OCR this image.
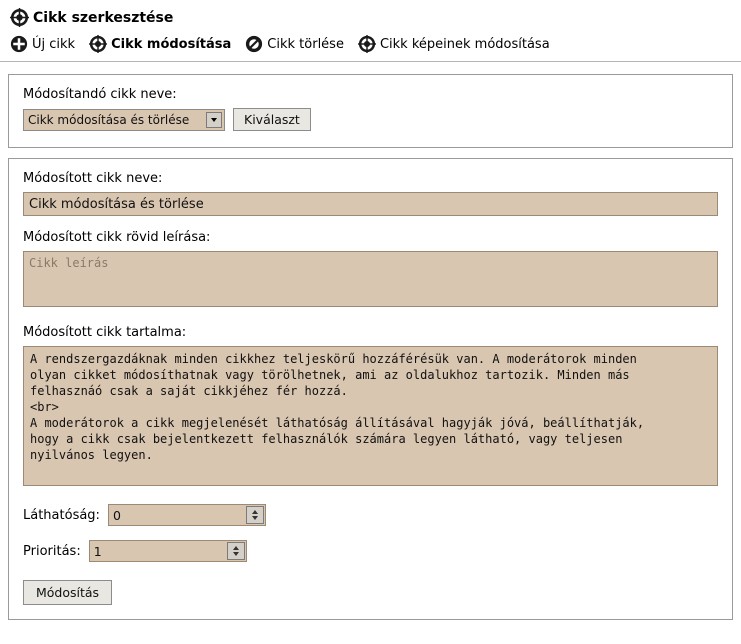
Cikk szerkesztése
Új cikk	Cikk módosítása	Cikk törlése	Cikk képeinek módosítása
Módosítandó cikk neve:
Cikk módosítása és törlése
Kiválaszt
Módosított cikk neve:
Cikk módosítása és törlése
Módosított cikk rövid leírása:
Cikk leírás
Módosított cikk tartalma:
A rendszergazdáknak minden cikkhez teljeskörű hozzáférésük van. A moderátorok minden olyan cikket módosíthatnak vagy törölhetnek, ami az oldalukhoz tartozik. Minden más felhasznáó csak a saját cikkjéhez fér hozzá. <br> A moderátorok a cikk megjelenését láthatóság állításával hagyják jóvá, beállíthatják, hogy a cikk csak bejelentkezett felhasználók számára legyen látható, vagy teljesen nyilvános legyen.
Láthatóság:
0
Prioritás:
1
Módosítás
